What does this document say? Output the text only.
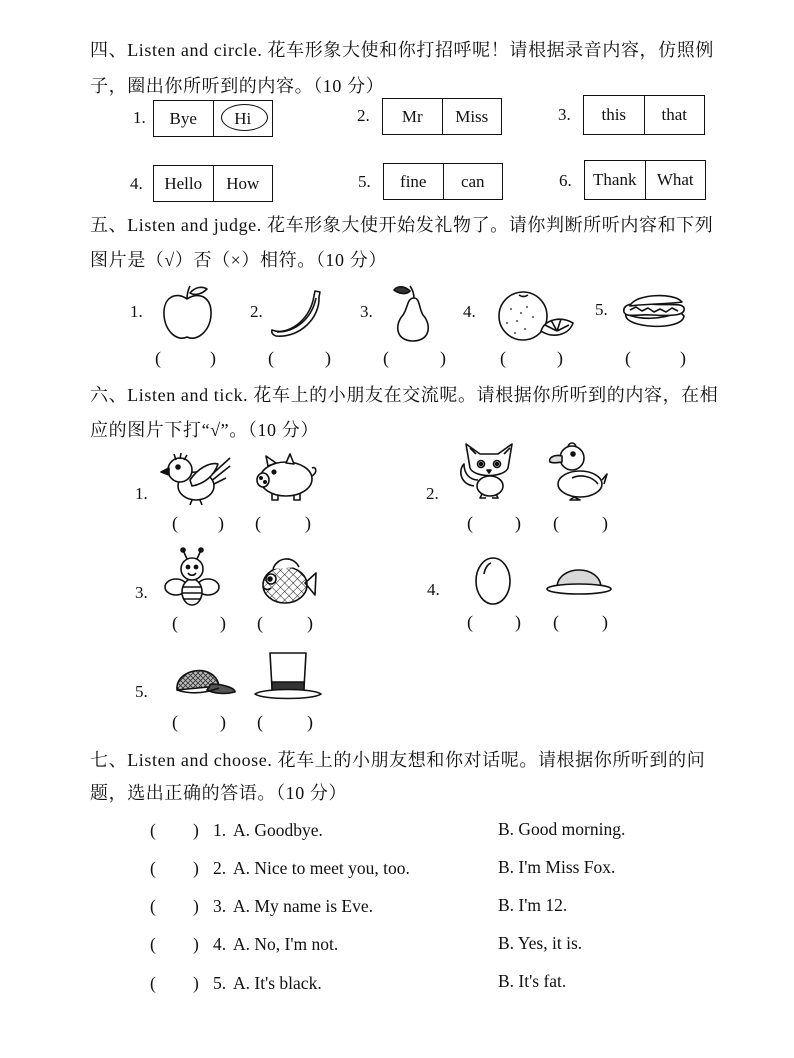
四、Listen and circle. 花车形象大使和你打招呼呢！请根据录音内容，仿照例
子，圈出你所听到的内容。（10 分）
1. Bye Hi	2. Mr Miss	3. this that
4. Hello How	5. fine can	6. Thank What
五、Listen and judge. 花车形象大使开始发礼物了。请你判断所听内容和下列
图片是（√）否（×）相符。（10 分）
1.	2.	3.	4.	5.
(	)	(	)	(	)	(	)	(	)
六、Listen and tick. 花车上的小朋友在交流呢。请根据你所听到的内容，在相
应的图片下打“√”。（10 分）
1.
( ) ( )
2.
( ) ( )
3.
( ) ( )
4.
( ) ( )
5.
( ) ( )
七、Listen and choose. 花车上的小朋友想和你对话呢。请根据你所听到的问
题，选出正确的答语。（10 分）
( ) 1. A. Goodbye.	B. Good morning.
( ) 2. A. Nice to meet you, too.	B. I'm Miss Fox.
( ) 3. A. My name is Eve.	B. I'm 12.
( ) 4. A. No, I'm not.	B. Yes, it is.
( ) 5. A. It's black.	B. It's fat.
